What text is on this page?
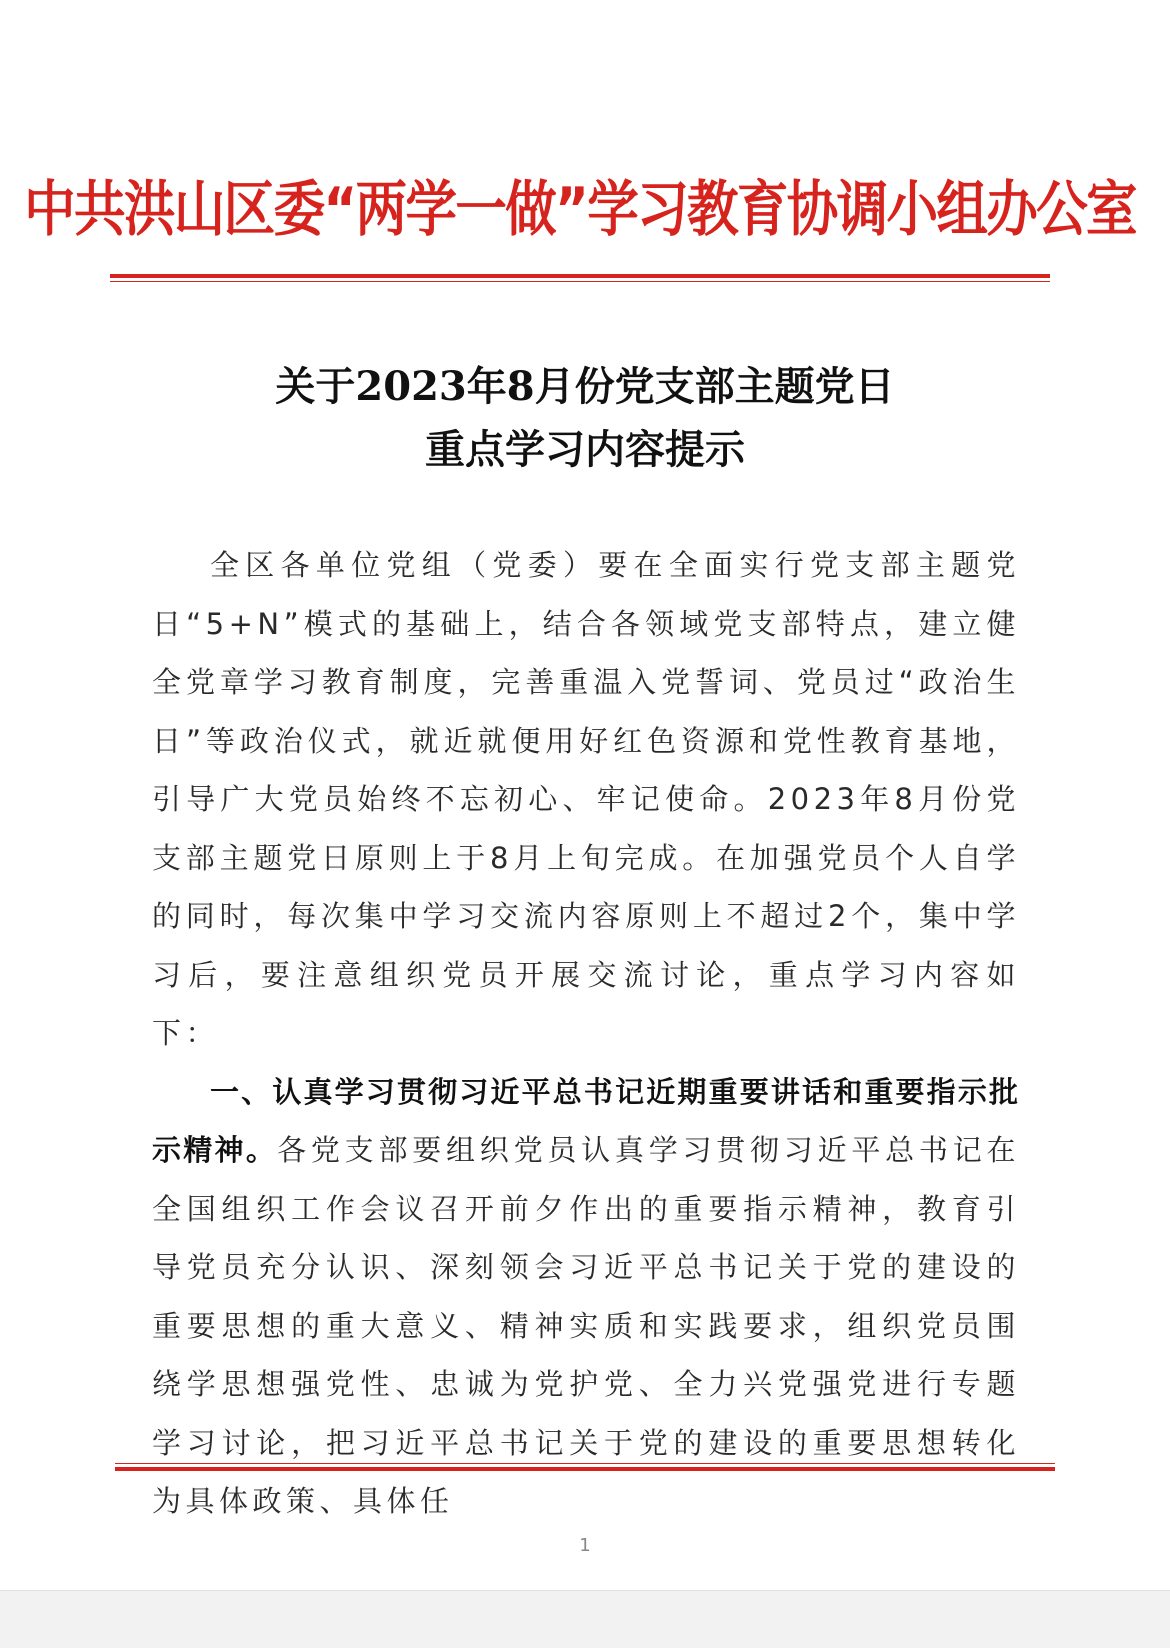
中共洪山区委“两学一做”学习教育协调小组办公室
关于2023年8月份党支部主题党日
重点学习内容提示

全区各单位党组（党委）要在全面实行党支部主题党日“5+N”模式的基础上，结合各领域党支部特点，建立健全党章学习教育制度，完善重温入党誓词、党员过“政治生日”等政治仪式，就近就便用好红色资源和党性教育基地，引导广大党员始终不忘初心、牢记使命。2023年8月份党支部主题党日原则上于8月上旬完成。在加强党员个人自学的同时，每次集中学习交流内容原则上不超过2个，集中学习后，要注意组织党员开展交流讨论，重点学习内容如下：

一、认真学习贯彻习近平总书记近期重要讲话和重要指示批示精神。各党支部要组织党员认真学习贯彻习近平总书记在全国组织工作会议召开前夕作出的重要指示精神，教育引导党员充分认识、深刻领会习近平总书记关于党的建设的重要思想的重大意义、精神实质和实践要求，组织党员围绕学思想强党性、忠诚为党护党、全力兴党强党进行专题学习讨论，把习近平总书记关于党的建设的重要思想转化为具体政策、具体任

1
